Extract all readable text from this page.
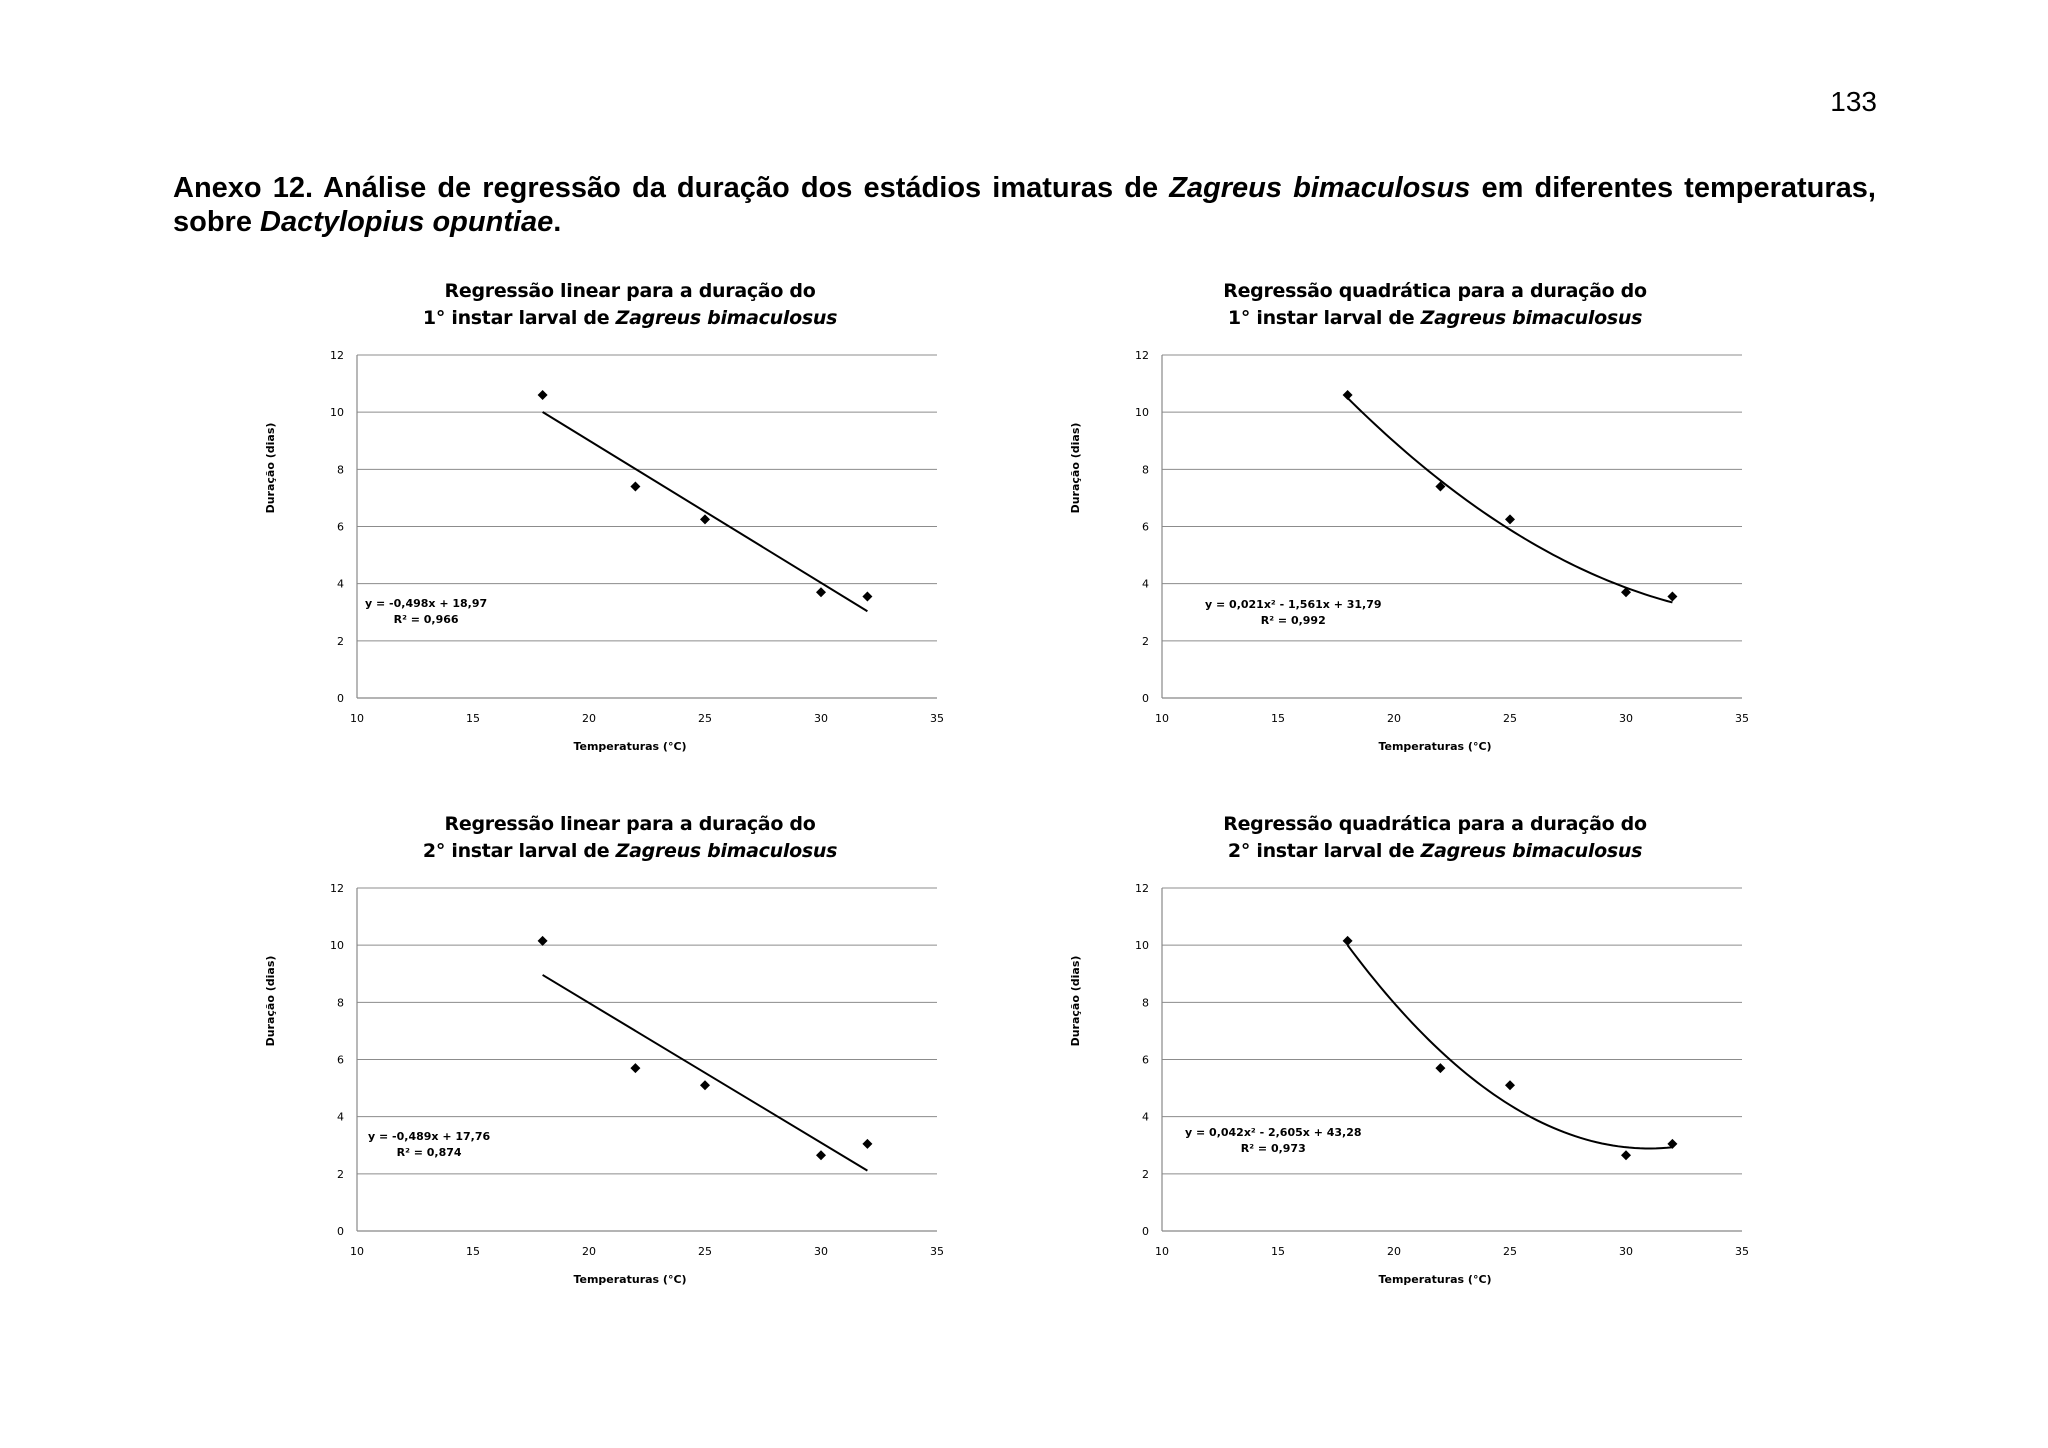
133
Anexo 12. Análise de regressão da duração dos estádios imaturas de Zagreus bimaculosus em diferentes temperaturas,
sobre Dactylopius opuntiae.
Regressão linear para a duração do
1° instar larval de Zagreus bimaculosus
0
2
4
6
8
10
12
10	15	20	25	30	35
y = -0,498x + 18,97
R² = 0,966
Temperaturas (°C)
Duração (dias)
Regressão quadrática para a duração do
1° instar larval de Zagreus bimaculosus
0
2
4
6
8
10
12
10	15	20	25	30	35
y = 0,021x² - 1,561x + 31,79
R² = 0,992
Temperaturas (°C)
Duração (dias)
Regressão linear para a duração do
2° instar larval de Zagreus bimaculosus
0
2
4
6
8
10
12
10	15	20	25	30	35
y = -0,489x + 17,76
R² = 0,874
Temperaturas (°C)
Duração (dias)
Regressão quadrática para a duração do
2° instar larval de Zagreus bimaculosus
0
2
4
6
8
10
12
10	15	20	25	30	35
y = 0,042x² - 2,605x + 43,28
R² = 0,973
Temperaturas (°C)
Duração (dias)
